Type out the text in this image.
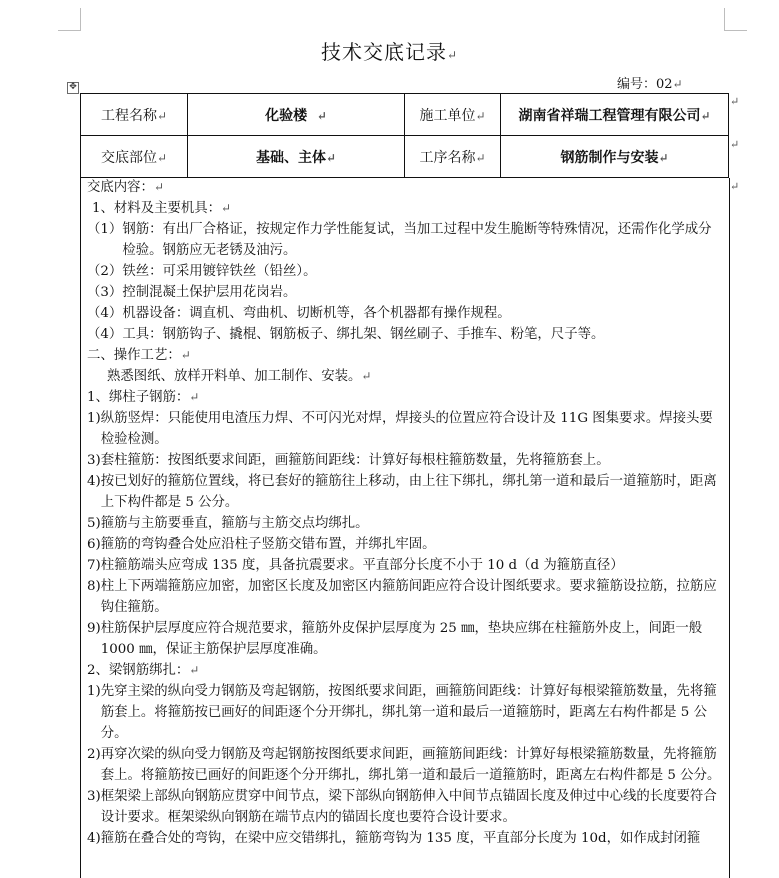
✥
技术交底记录↵
编号：02↵
工程名称↵	化验楼 ↵	施工单位↵	湖南省祥瑞工程管理有限公司↵
交底部位↵	基础、主体↵	工序名称↵	钢筋制作与安装↵
↵
↵
↵
交底内容：↵
1、材料及主要机具：↵
（1） 钢筋：有出厂合格证，按规定作力学性能复试，当加工过程中发生脆断等特殊情况，还需作化学成分检验。钢筋应无老锈及油污。
（2） 铁丝：可采用镀锌铁丝（铅丝）。
（3） 控制混凝土保护层用花岗岩。
（4） 机器设备：调直机、弯曲机、切断机等，各个机器都有操作规程。
（4） 工具：钢筋钩子、撬棍、钢筋板子、绑扎架、钢丝刷子、手推车、粉笔，尺子等。
二、操作工艺：↵
熟悉图纸、放样开料单、加工制作、安装。↵
1、绑柱子钢筋：↵
1) 纵筋竖焊：只能使用电渣压力焊、不可闪光对焊，焊接头的位置应符合设计及 11G 图集要求。焊接头要检验检测。
3) 套柱箍筋：按图纸要求间距，画箍筋间距线：计算好每根柱箍筋数量，先将箍筋套上。
4) 按已划好的箍筋位置线，将已套好的箍筋往上移动，由上往下绑扎，绑扎第一道和最后一道箍筋时，距离上下构件都是 5 公分。
5) 箍筋与主筋要垂直，箍筋与主筋交点均绑扎。
6) 箍筋的弯钩叠合处应沿柱子竖筋交错布置，并绑扎牢固。
7) 柱箍筋端头应弯成 135 度，具备抗震要求。平直部分长度不小于 10 d（d 为箍筋直径）
8) 柱上下两端箍筋应加密，加密区长度及加密区内箍筋间距应符合设计图纸要求。要求箍筋设拉筋，拉筋应钩住箍筋。
9) 柱筋保护层厚度应符合规范要求，箍筋外皮保护层厚度为 25 ㎜，垫块应绑在柱箍筋外皮上，间距一般 1000 ㎜，保证主筋保护层厚度准确。
2、梁钢筋绑扎：↵
1) 先穿主梁的纵向受力钢筋及弯起钢筋，按图纸要求间距，画箍筋间距线：计算好每根梁箍筋数量，先将箍筋套上。将箍筋按已画好的间距逐个分开绑扎，绑扎第一道和最后一道箍筋时，距离左右构件都是 5 公分。
2) 再穿次梁的纵向受力钢筋及弯起钢筋按图纸要求间距，画箍筋间距线：计算好每根梁箍筋数量，先将箍筋套上。将箍筋按已画好的间距逐个分开绑扎，绑扎第一道和最后一道箍筋时，距离左右构件都是 5 公分。
3) 框架梁上部纵向钢筋应贯穿中间节点，梁下部纵向钢筋伸入中间节点锚固长度及伸过中心线的长度要符合设计要求。框架梁纵向钢筋在端节点内的锚固长度也要符合设计要求。
4) 箍筋在叠合处的弯钩，在梁中应交错绑扎，箍筋弯钩为 135 度，平直部分长度为 10d，如作成封闭箍
